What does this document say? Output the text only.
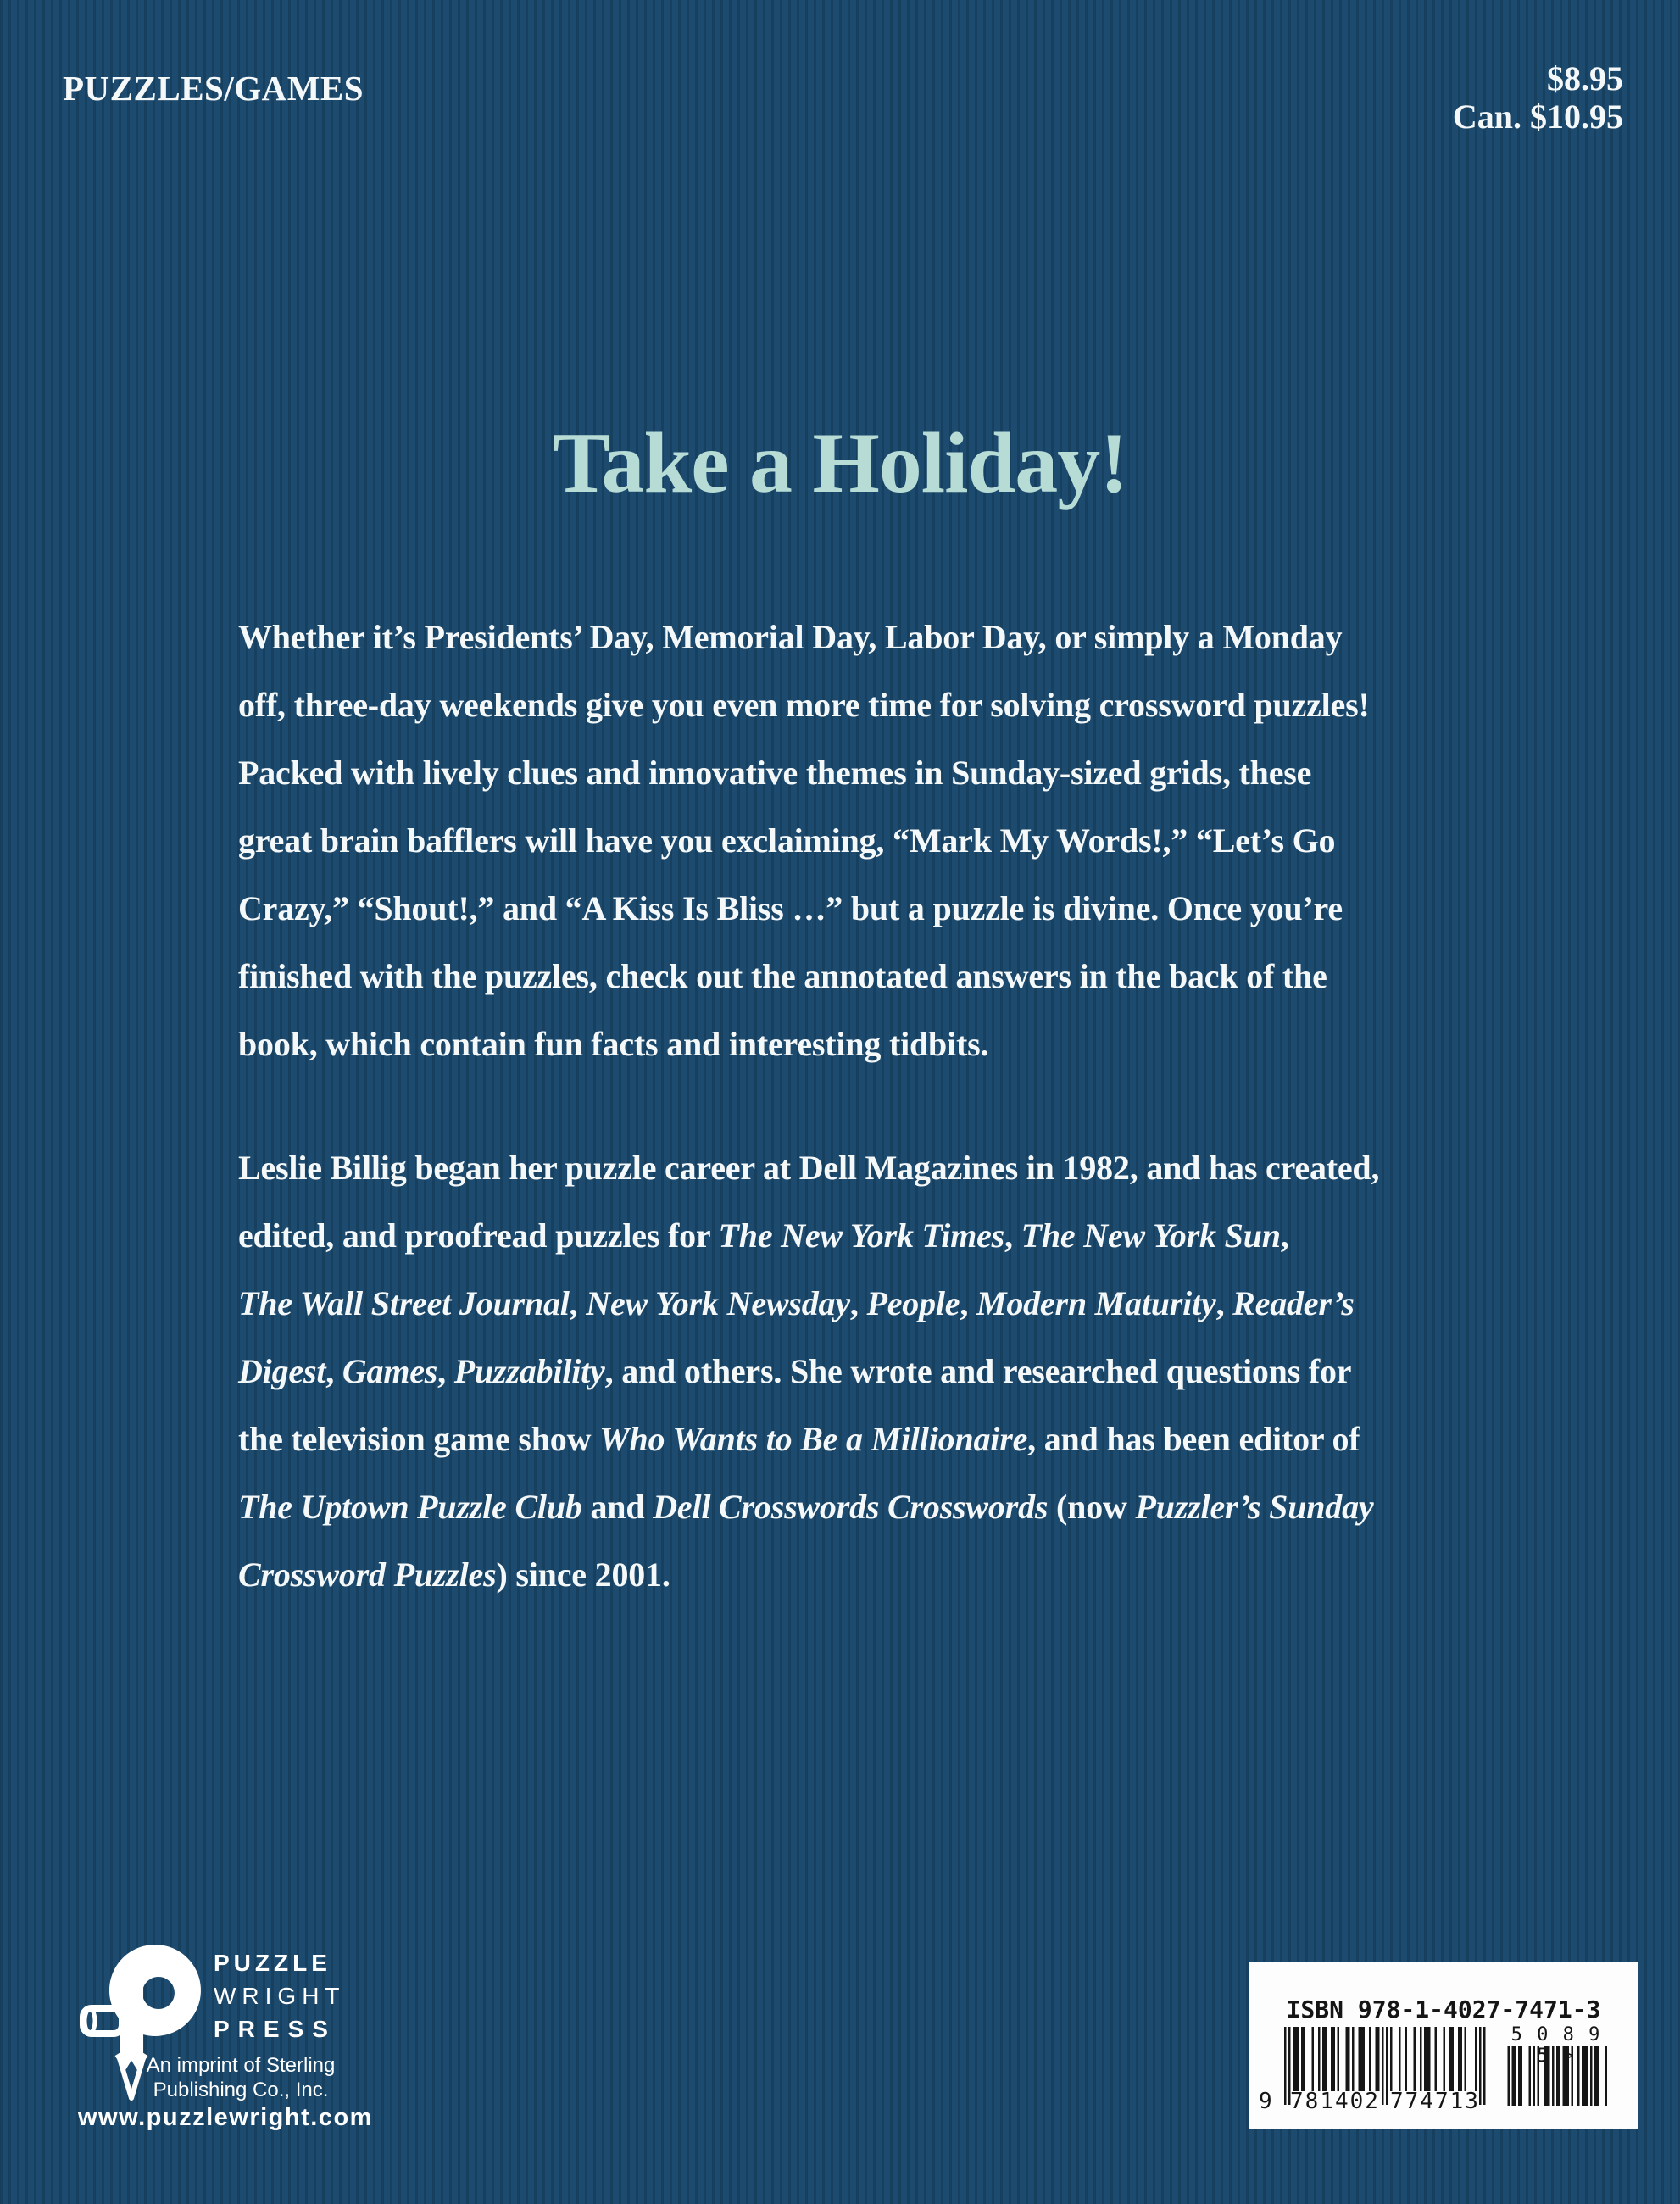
PUZZLES/GAMES	$8.95
Can. $10.95
Take a Holiday!
Whether it’s Presidents’ Day, Memorial Day, Labor Day, or simply a Monday
off, three-day weekends give you even more time for solving crossword puzzles!
Packed with lively clues and innovative themes in Sunday-sized grids, these
great brain bafflers will have you exclaiming, “Mark My Words!,” “Let’s Go
Crazy,” “Shout!,” and “A Kiss Is Bliss …” but a puzzle is divine. Once you’re
finished with the puzzles, check out the annotated answers in the back of the
book, which contain fun facts and interesting tidbits.
Leslie Billig began her puzzle career at Dell Magazines in 1982, and has created,
edited, and proofread puzzles for The New York Times, The New York Sun,
The Wall Street Journal, New York Newsday, People, Modern Maturity, Reader’s
Digest, Games, Puzzability, and others. She wrote and researched questions for
the television game show Who Wants to Be a Millionaire, and has been editor of
The Uptown Puzzle Club and Dell Crosswords Crosswords (now Puzzler’s Sunday
Crossword Puzzles) since 2001.
PUZZLE
WRIGHT
PRESS
An imprint of Sterling
Publishing Co., Inc.
www.puzzlewright.com
ISBN 978-1-4027-7471-3
9 781402 774713
5 0 8 9 5 >
